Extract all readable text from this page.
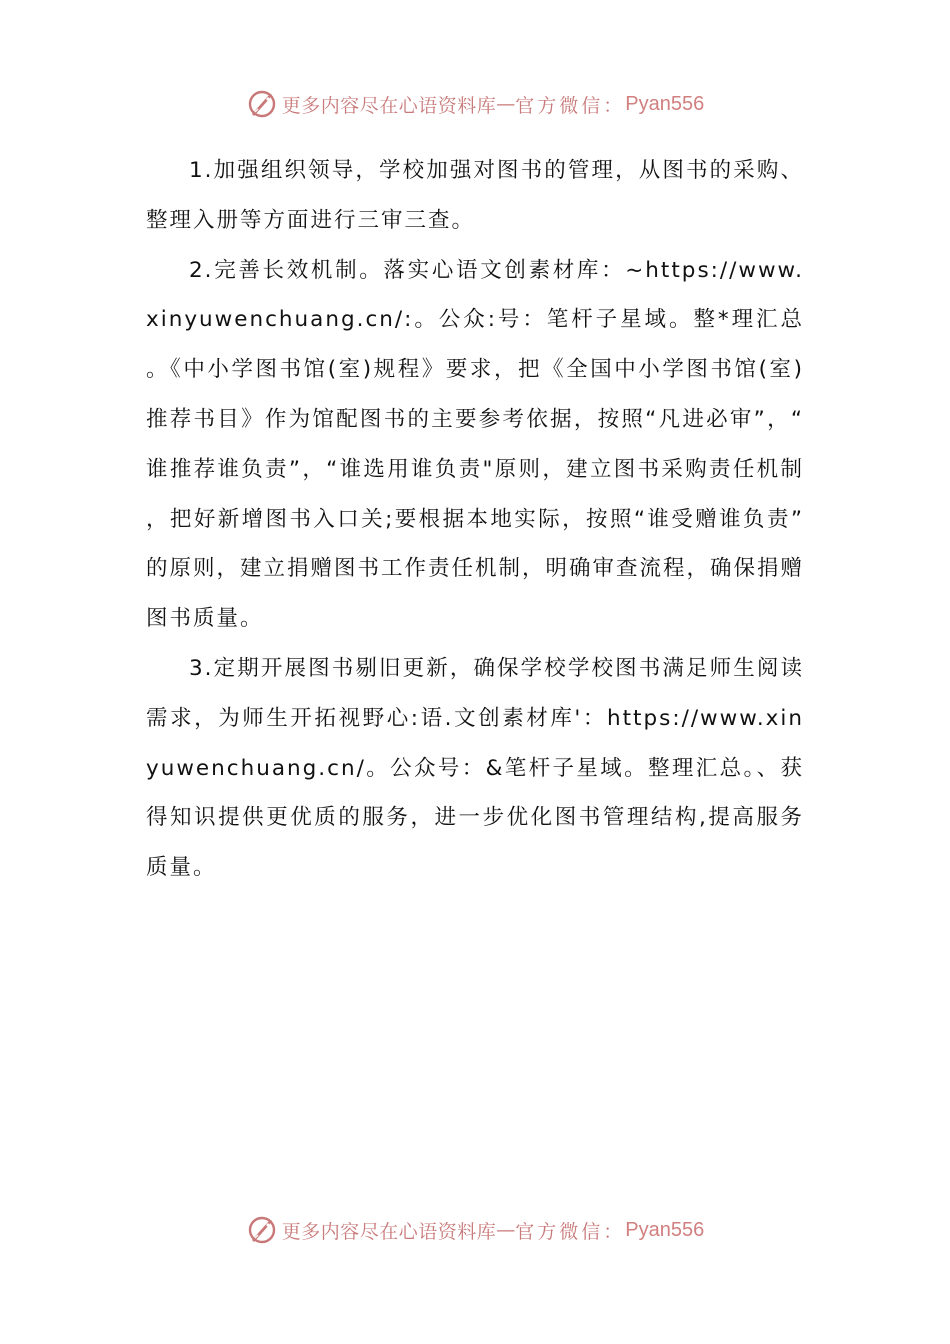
更多内容尽在心语资料库 — 官方微信： Pyan556

1.加强组织领导，学校加强对图书的管理，从图书的采购、整理入册等方面进行三审三查。

2.完善长效机制。落实心语文创素材库：~https://www.xinyuwenchuang.cn/:。公众:号：笔杆子星域。整*理汇总。《中小学图书馆(室)规程》要求，把《全国中小学图书馆(室)推荐书目》作为馆配图书的主要参考依据，按照“凡进必审”，“谁推荐谁负责”，“谁选用谁负责"原则，建立图书采购责任机制，把好新增图书入口关;要根据本地实际，按照“谁受赠谁负责”的原则，建立捐赠图书工作责任机制，明确审查流程，确保捐赠图书质量。

3.定期开展图书剔旧更新，确保学校学校图书满足师生阅读需求，为师生开拓视野心:语.文创素材库'：https://www.xinyuwenchuang.cn/。公众号：&笔杆子星域。整理汇总。、获得知识提供更优质的服务，进一步优化图书管理结构,提高服务质量。

更多内容尽在心语资料库 — 官方微信： Pyan556
